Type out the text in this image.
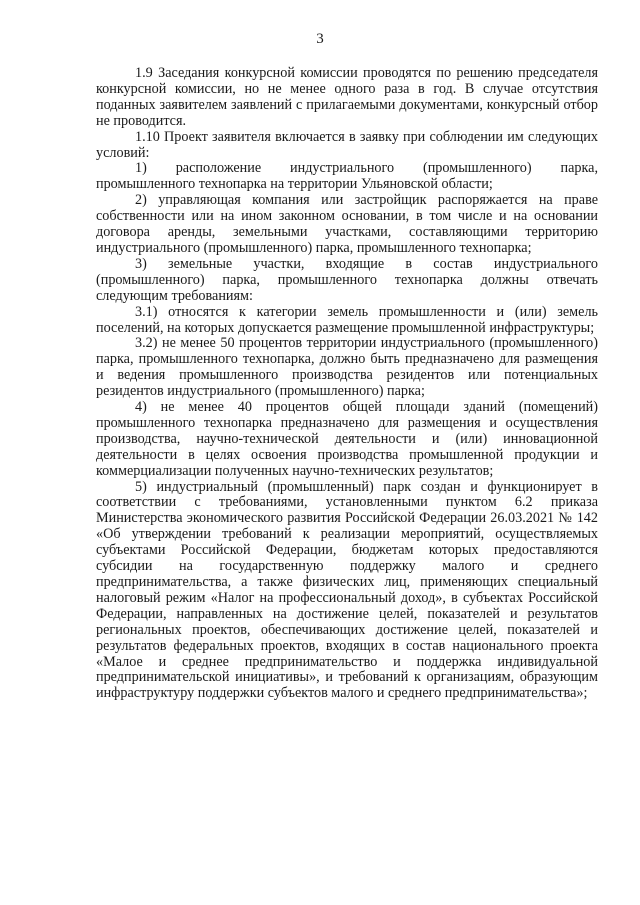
3

1.9 Заседания конкурсной комиссии проводятся по решению председателя конкурсной комиссии, но не менее одного раза в год. В случае отсутствия поданных заявителем заявлений с прилагаемыми документами, конкурсный отбор не проводится.

1.10 Проект заявителя включается в заявку при соблюдении им следующих условий:

1) расположение индустриального (промышленного) парка, промышленного технопарка на территории Ульяновской области;

2) управляющая компания или застройщик распоряжается на праве собственности или на ином законном основании, в том числе и на основании договора аренды, земельными участками, составляющими территорию индустриального (промышленного) парка, промышленного технопарка;

3) земельные участки, входящие в состав индустриального (промышленного) парка, промышленного технопарка должны отвечать следующим требованиям:

3.1) относятся к категории земель промышленности и (или) земель поселений, на которых допускается размещение промышленной инфраструктуры;

3.2) не менее 50 процентов территории индустриального (промышленного) парка, промышленного технопарка, должно быть предназначено для размещения и ведения промышленного производства резидентов или потенциальных резидентов индустриального (промышленного) парка;

4) не менее 40 процентов общей площади зданий (помещений) промышленного технопарка предназначено для размещения и осуществления производства, научно-технической деятельности и (или) инновационной деятельности в целях освоения производства промышленной продукции и коммерциализации полученных научно-технических результатов;

5) индустриальный (промышленный) парк создан и функционирует в соответствии с требованиями, установленными пунктом 6.2 приказа Министерства экономического развития Российской Федерации 26.03.2021 № 142 «Об утверждении требований к реализации мероприятий, осуществляемых субъектами Российской Федерации, бюджетам которых предоставляются субсидии на государственную поддержку малого и среднего предпринимательства, а также физических лиц, применяющих специальный налоговый режим «Налог на профессиональный доход», в субъектах Российской Федерации, направленных на достижение целей, показателей и результатов региональных проектов, обеспечивающих достижение целей, показателей и результатов федеральных проектов, входящих в состав национального проекта «Малое и среднее предпринимательство и поддержка индивидуальной предпринимательской инициативы», и требований к организациям, образующим инфраструктуру поддержки субъектов малого и среднего предпринимательства»;
